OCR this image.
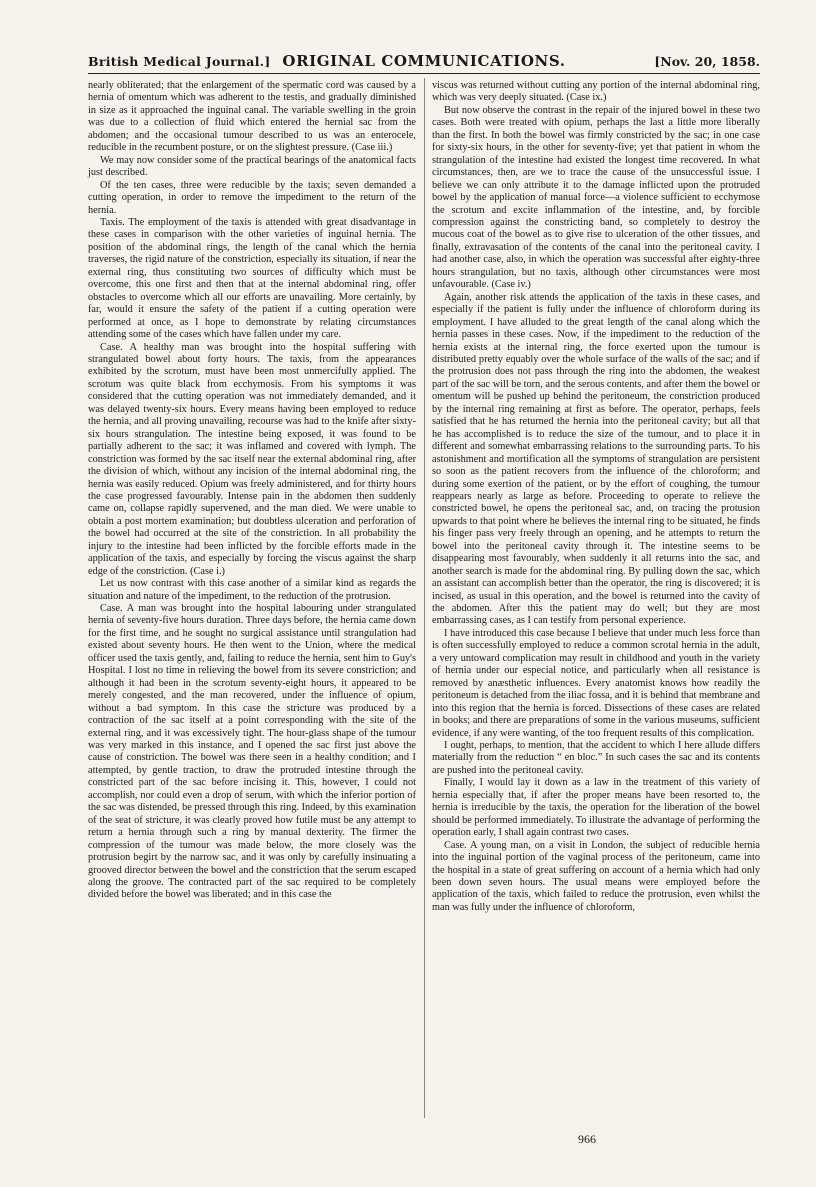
British Medical Journal.] ORIGINAL COMMUNICATIONS.	[Nov. 20, 1858.

nearly obliterated; that the enlargement of the spermatic cord was caused by a hernia of omentum which was adherent to the testis, and gradually diminished in size as it approached the inguinal canal. The variable swelling in the groin was due to a collection of fluid which entered the hernial sac from the abdomen; and the occasional tumour described to us was an enterocele, reducible in the recumbent posture, or on the slightest pressure. (Case iii.)

We may now consider some of the practical bearings of the anatomical facts just described.

Of the ten cases, three were reducible by the taxis; seven demanded a cutting operation, in order to remove the impediment to the return of the hernia.

Taxis. The employment of the taxis is attended with great disadvantage in these cases in comparison with the other varieties of inguinal hernia. The position of the abdominal rings, the length of the canal which the hernia traverses, the rigid nature of the constriction, especially its situation, if near the external ring, thus constituting two sources of difficulty which must be overcome, this one first and then that at the internal abdominal ring, offer obstacles to overcome which all our efforts are unavailing. More certainly, by far, would it ensure the safety of the patient if a cutting operation were performed at once, as I hope to demonstrate by relating circumstances attending some of the cases which have fallen under my care.

Case. A healthy man was brought into the hospital suffering with strangulated bowel about forty hours. The taxis, from the appearances exhibited by the scrotum, must have been most unmercifully applied. The scrotum was quite black from ecchymosis. From his symptoms it was considered that the cutting operation was not immediately demanded, and it was delayed twenty-six hours. Every means having been employed to reduce the hernia, and all proving unavailing, recourse was had to the knife after sixty-six hours strangulation. The intestine being exposed, it was found to be partially adherent to the sac; it was inflamed and covered with lymph. The constriction was formed by the sac itself near the external abdominal ring, after the division of which, without any incision of the internal abdominal ring, the hernia was easily reduced. Opium was freely administered, and for thirty hours the case progressed favourably. Intense pain in the abdomen then suddenly came on, collapse rapidly supervened, and the man died. We were unable to obtain a post mortem examination; but doubtless ulceration and perforation of the bowel had occurred at the site of the constriction. In all probability the injury to the intestine had been inflicted by the forcible efforts made in the application of the taxis, and especially by forcing the viscus against the sharp edge of the constriction. (Case i.)

Let us now contrast with this case another of a similar kind as regards the situation and nature of the impediment, to the reduction of the protrusion.

Case. A man was brought into the hospital labouring under strangulated hernia of seventy-five hours duration. Three days before, the hernia came down for the first time, and he sought no surgical assistance until strangulation had existed about seventy hours. He then went to the Union, where the medical officer used the taxis gently, and, failing to reduce the hernia, sent him to Guy's Hospital. I lost no time in relieving the bowel from its severe constriction; and although it had been in the scrotum seventy-eight hours, it appeared to be merely congested, and the man recovered, under the influence of opium, without a bad symptom. In this case the stricture was produced by a contraction of the sac itself at a point corresponding with the site of the external ring, and it was excessively tight. The hour-glass shape of the tumour was very marked in this instance, and I opened the sac first just above the cause of constriction. The bowel was there seen in a healthy condition; and I attempted, by gentle traction, to draw the protruded intestine through the constricted part of the sac before incising it. This, however, I could not accomplish, nor could even a drop of serum, with which the inferior portion of the sac was distended, be pressed through this ring. Indeed, by this examination of the seat of stricture, it was clearly proved how futile must be any attempt to return a hernia through such a ring by manual dexterity. The firmer the compression of the tumour was made below, the more closely was the protrusion begirt by the narrow sac, and it was only by carefully insinuating a grooved director between the bowel and the constriction that the serum escaped along the groove. The contracted part of the sac required to be completely divided before the bowel was liberated; and in this case the

viscus was returned without cutting any portion of the internal abdominal ring, which was very deeply situated. (Case ix.)

But now observe the contrast in the repair of the injured bowel in these two cases. Both were treated with opium, perhaps the last a little more liberally than the first. In both the bowel was firmly constricted by the sac; in one case for sixty-six hours, in the other for seventy-five; yet that patient in whom the strangulation of the intestine had existed the longest time recovered. In what circumstances, then, are we to trace the cause of the unsuccessful issue. I believe we can only attribute it to the damage inflicted upon the protruded bowel by the application of manual force—a violence sufficient to ecchymose the scrotum and excite inflammation of the intestine, and, by forcible compression against the constricting band, so completely to destroy the mucous coat of the bowel as to give rise to ulceration of the other tissues, and finally, extravasation of the contents of the canal into the peritoneal cavity. I had another case, also, in which the operation was successful after eighty-three hours strangulation, but no taxis, although other circumstances were most unfavourable. (Case iv.)

Again, another risk attends the application of the taxis in these cases, and especially if the patient is fully under the influence of chloroform during its employment. I have alluded to the great length of the canal along which the hernia passes in these cases. Now, if the impediment to the reduction of the hernia exists at the internal ring, the force exerted upon the tumour is distributed pretty equably over the whole surface of the walls of the sac; and if the protrusion does not pass through the ring into the abdomen, the weakest part of the sac will be torn, and the serous contents, and after them the bowel or omentum will be pushed up behind the peritoneum, the constriction produced by the internal ring remaining at first as before. The operator, perhaps, feels satisfied that he has returned the hernia into the peritoneal cavity; but all that he has accomplished is to reduce the size of the tumour, and to place it in different and somewhat embarrassing relations to the surrounding parts. To his astonishment and mortification all the symptoms of strangulation are persistent so soon as the patient recovers from the influence of the chloroform; and during some exertion of the patient, or by the effort of coughing, the tumour reappears nearly as large as before. Proceeding to operate to relieve the constricted bowel, he opens the peritoneal sac, and, on tracing the protusion upwards to that point where he believes the internal ring to be situated, he finds his finger pass very freely through an opening, and he attempts to return the bowel into the peritoneal cavity through it. The intestine seems to be disappearing most favourably, when suddenly it all returns into the sac, and another search is made for the abdominal ring. By pulling down the sac, which an assistant can accomplish better than the operator, the ring is discovered; it is incised, as usual in this operation, and the bowel is returned into the cavity of the abdomen. After this the patient may do well; but they are most embarrassing cases, as I can testify from personal experience.

I have introduced this case because I believe that under much less force than is often successfully employed to reduce a common scrotal hernia in the adult, a very untoward complication may result in childhood and youth in the variety of hernia under our especial notice, and particularly when all resistance is removed by anæsthetic influences. Every anatomist knows how readily the peritoneum is detached from the iliac fossa, and it is behind that membrane and into this region that the hernia is forced. Dissections of these cases are related in books; and there are preparations of some in the various museums, sufficient evidence, if any were wanting, of the too frequent results of this complication.

I ought, perhaps, to mention, that the accident to which I here allude differs materially from the reduction “ en bloc.” In such cases the sac and its contents are pushed into the peritoneal cavity.

Finally, I would lay it down as a law in the treatment of this variety of hernia especially that, if after the proper means have been resorted to, the hernia is irreducible by the taxis, the operation for the liberation of the bowel should be performed immediately. To illustrate the advantage of performing the operation early, I shall again contrast two cases.

Case. A young man, on a visit in London, the subject of reducible hernia into the inguinal portion of the vaginal process of the peritoneum, came into the hospital in a state of great suffering on account of a hernia which had only been down seven hours. The usual means were employed before the application of the taxis, which failed to reduce the protrusion, even whilst the man was fully under the influence of chloroform,

966
